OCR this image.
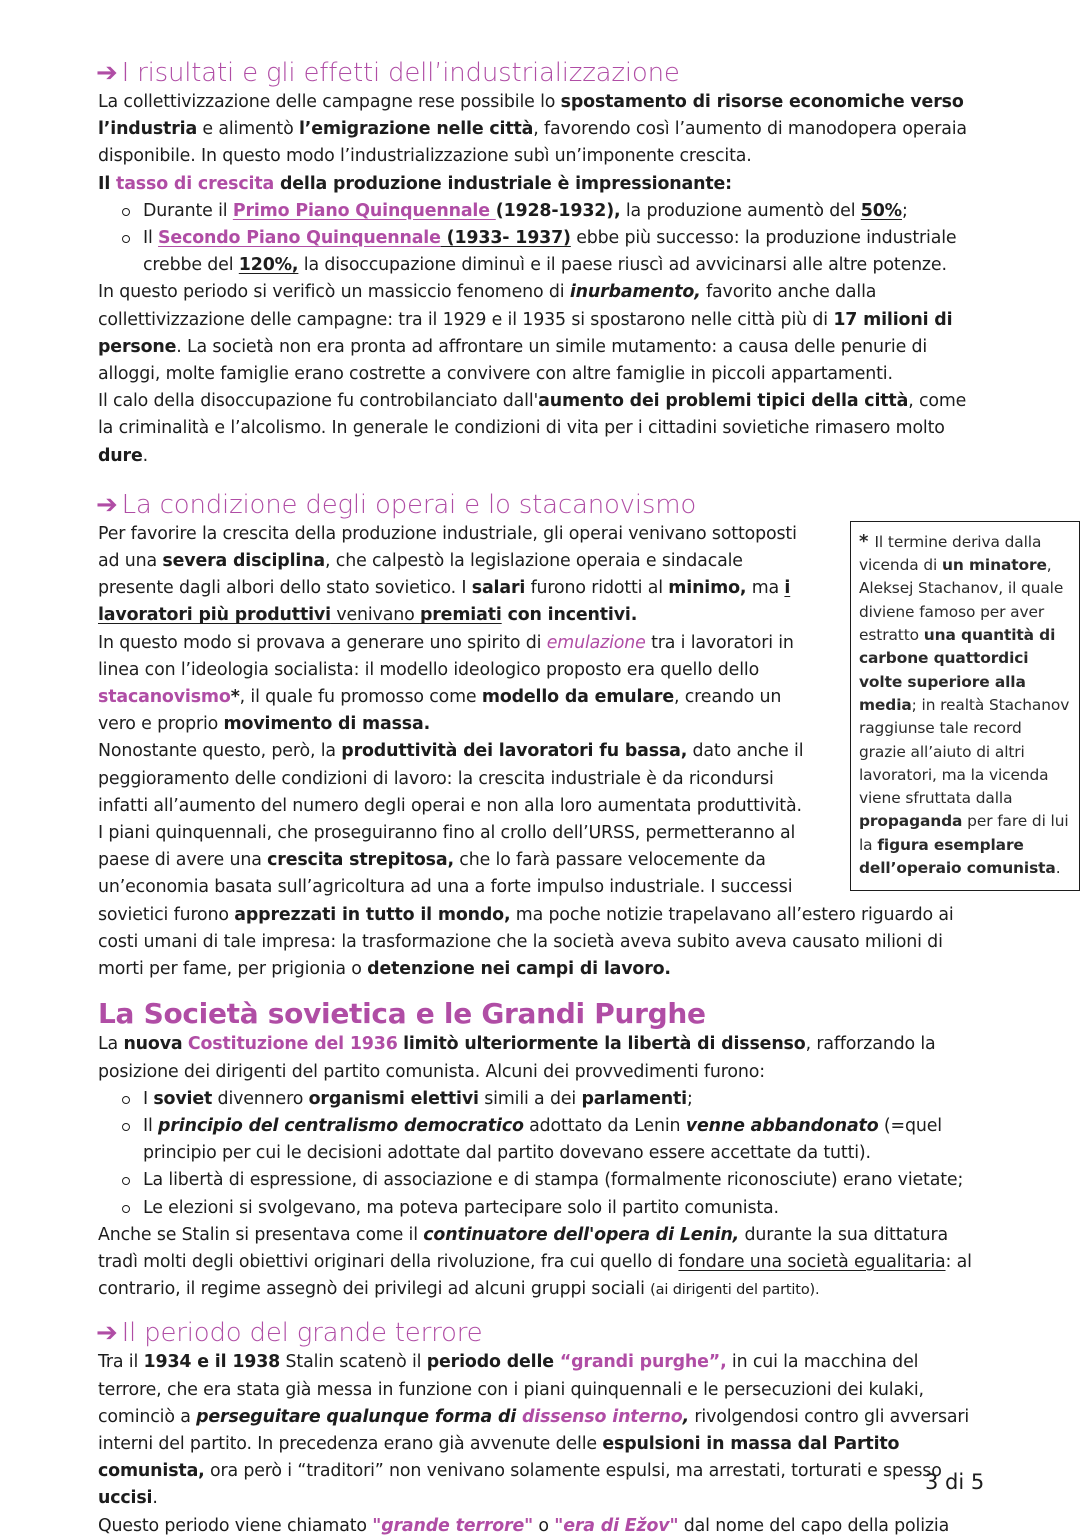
➔ I risultati e gli effetti dell’industrializzazione

La collettivizzazione delle campagne rese possibile lo spostamento di risorse economiche verso l’industria e alimentò l’emigrazione nelle città, favorendo così l’aumento di manodopera operaia disponibile. In questo modo l’industrializzazione subì un’imponente crescita.

Il tasso di crescita della produzione industriale è impressionante:

Durante il Primo Piano Quinquennale (1928-1932), la produzione aumentò del 50%;
Il Secondo Piano Quinquennale (1933- 1937) ebbe più successo: la produzione industriale crebbe del 120%, la disoccupazione diminuì e il paese riuscì ad avvicinarsi alle altre potenze.

In questo periodo si verificò un massiccio fenomeno di inurbamento, favorito anche dalla collettivizzazione delle campagne: tra il 1929 e il 1935 si spostarono nelle città più di 17 milioni di persone. La società non era pronta ad affrontare un simile mutamento: a causa delle penurie di alloggi, molte famiglie erano costrette a convivere con altre famiglie in piccoli appartamenti.

Il calo della disoccupazione fu controbilanciato dall'aumento dei problemi tipici della città, come la criminalità e l’alcolismo. In generale le condizioni di vita per i cittadini sovietiche rimasero molto dure.

➔ La condizione degli operai e lo stacanovismo

* Il termine deriva dalla vicenda di un minatore, Aleksej Stachanov, il quale diviene famoso per aver estratto una quantità di carbone quattordici volte superiore alla media; in realtà Stachanov raggiunse tale record grazie all’aiuto di altri lavoratori, ma la vicenda viene sfruttata dalla propaganda per fare di lui la figura esemplare dell’operaio comunista.

Per favorire la crescita della produzione industriale, gli operai venivano sottoposti ad una severa disciplina, che calpestò la legislazione operaia e sindacale presente dagli albori dello stato sovietico. I salari furono ridotti al minimo, ma i lavoratori più produttivi venivano premiati con incentivi.

In questo modo si provava a generare uno spirito di emulazione tra i lavoratori in linea con l’ideologia socialista: il modello ideologico proposto era quello dello stacanovismo*, il quale fu promosso come modello da emulare, creando un vero e proprio movimento di massa.

Nonostante questo, però, la produttività dei lavoratori fu bassa, dato anche il peggioramento delle condizioni di lavoro: la crescita industriale è da ricondursi infatti all’aumento del numero degli operai e non alla loro aumentata produttività.

I piani quinquennali, che proseguiranno fino al crollo dell’URSS, permetteranno al paese di avere una crescita strepitosa, che lo farà passare velocemente da un’economia basata sull’agricoltura ad una a forte impulso industriale. I successi sovietici furono apprezzati in tutto il mondo, ma poche notizie trapelavano all’estero riguardo ai costi umani di tale impresa: la trasformazione che la società aveva subito aveva causato milioni di morti per fame, per prigionia o detenzione nei campi di lavoro.

La Società sovietica e le Grandi Purghe

La nuova Costituzione del 1936 limitò ulteriormente la libertà di dissenso, rafforzando la posizione dei dirigenti del partito comunista. Alcuni dei provvedimenti furono:

I soviet divennero organismi elettivi simili a dei parlamenti;
Il principio del centralismo democratico adottato da Lenin venne abbandonato (=quel principio per cui le decisioni adottate dal partito dovevano essere accettate da tutti).
La libertà di espressione, di associazione e di stampa (formalmente riconosciute) erano vietate;
Le elezioni si svolgevano, ma poteva partecipare solo il partito comunista.

Anche se Stalin si presentava come il continuatore dell'opera di Lenin, durante la sua dittatura tradì molti degli obiettivi originari della rivoluzione, fra cui quello di fondare una società egualitaria: al contrario, il regime assegnò dei privilegi ad alcuni gruppi sociali (ai dirigenti del partito).

➔ Il periodo del grande terrore

Tra il 1934 e il 1938 Stalin scatenò il periodo delle “grandi purghe”, in cui la macchina del terrore, che era stata già messa in funzione con i piani quinquennali e le persecuzioni dei kulaki, cominciò a perseguitare qualunque forma di dissenso interno, rivolgendosi contro gli avversari interni del partito. In precedenza erano già avvenute delle espulsioni in massa dal Partito comunista, ora però i “traditori” non venivano solamente espulsi, ma arrestati, torturati e spesso uccisi.

Questo periodo viene chiamato "grande terrore" o "era di Ežov" dal nome del capo della polizia

3 di 5
